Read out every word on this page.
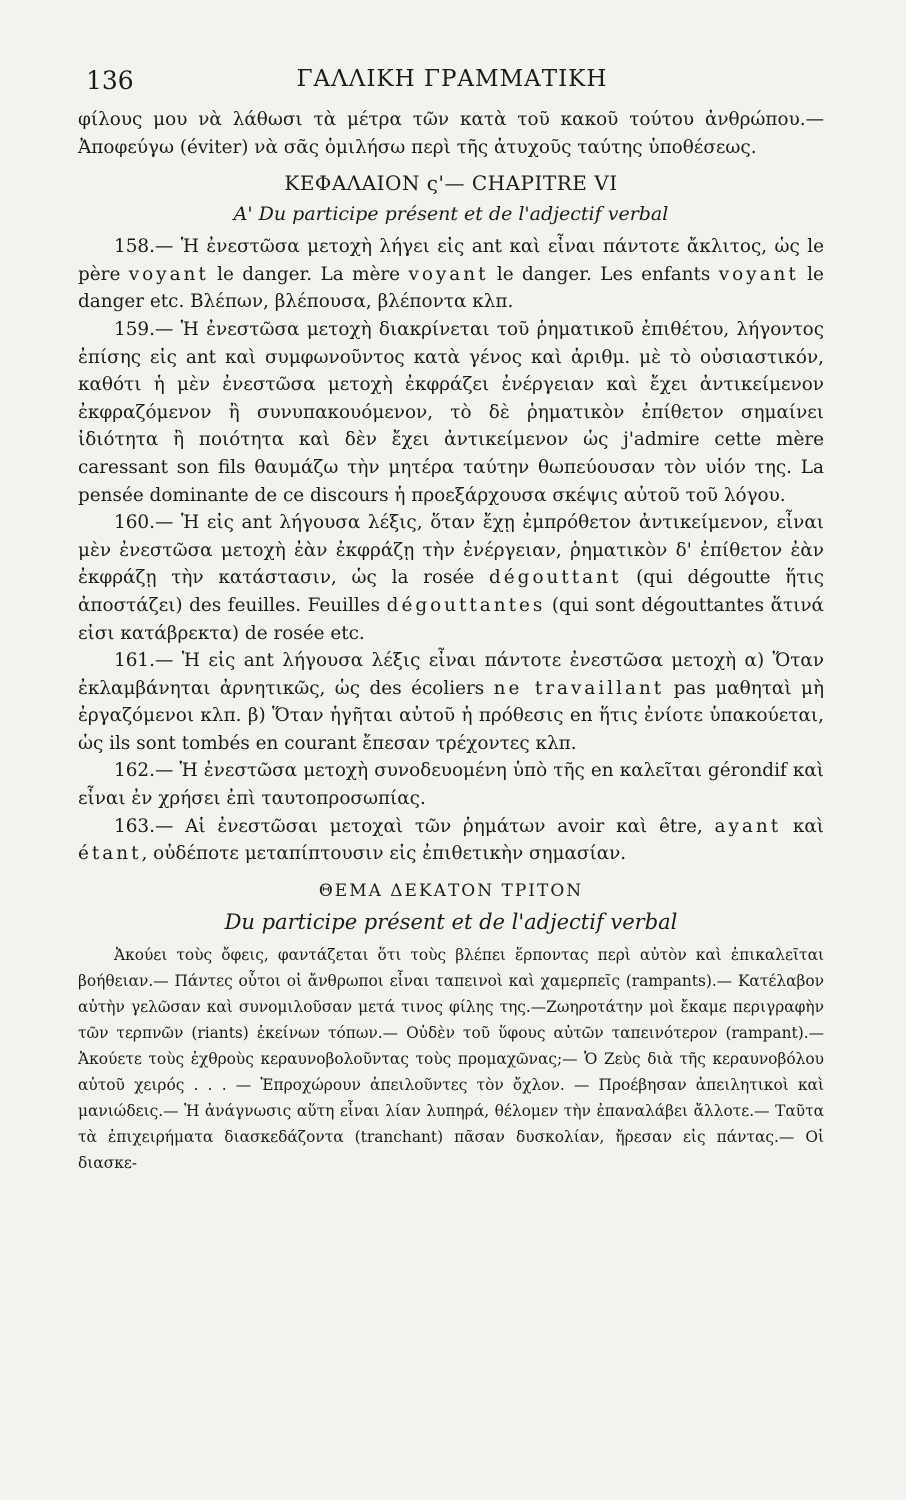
136	ΓΑΛΛΙΚΗ ΓΡΑΜΜΑΤΙΚΗ

φίλους μου νὰ λάθωσι τὰ μέτρα τῶν κατὰ τοῦ κακοῦ τούτου ἀνθρώπου.— Ἀποφεύγω (éviter) νὰ σᾶς ὁμιλήσω περὶ τῆς ἀτυχοῦς ταύτης ὑποθέσεως.

ΚΕΦΑΛΑΙΟΝ ς'— CHAPITRE VI
Α' Du participe présent et de l'adjectif verbal

158.— Ἡ ἐνεστῶσα μετοχὴ λήγει εἰς ant καὶ εἶναι πάντοτε ἄκλιτος, ὡς le père voyant le danger. La mère voyant le danger. Les enfants voyant le danger etc. Βλέπων, βλέπουσα, βλέποντα κλπ.

159.— Ἡ ἐνεστῶσα μετοχὴ διακρίνεται τοῦ ῥηματικοῦ ἐπιθέτου, λήγοντος ἐπίσης εἰς ant καὶ συμφωνοῦντος κατὰ γένος καὶ ἀριθμ. μὲ τὸ οὐσιαστικόν, καθότι ἡ μὲν ἐνεστῶσα μετοχὴ ἐκφράζει ἐνέργειαν καὶ ἔχει ἀντικείμενον ἐκφραζόμενον ἢ συνυπακουόμενον, τὸ δὲ ῥηματικὸν ἐπίθετον σημαίνει ἰδιότητα ἢ ποιότητα καὶ δὲν ἔχει ἀντικείμενον ὡς j'admire cette mère caressant son fils θαυμάζω τὴν μητέρα ταύτην θωπεύουσαν τὸν υἱόν της. La pensée dominante de ce discours ἡ προεξάρχουσα σκέψις αὐτοῦ τοῦ λόγου.

160.— Ἡ εἰς ant λήγουσα λέξις, ὅταν ἔχῃ ἐμπρόθετον ἀντικείμενον, εἶναι μὲν ἐνεστῶσα μετοχὴ ἐὰν ἐκφράζῃ τὴν ἐνέργειαν, ῥηματικὸν δ' ἐπίθετον ἐὰν ἐκφράζῃ τὴν κατάστασιν, ὡς la rosée dégouttant (qui dégoutte ἥτις ἀποστάζει) des feuilles. Feuilles dégouttantes (qui sont dégouttantes ἅτινά εἰσι κατάβρεκτα) de rosée etc.

161.— Ἡ εἰς ant λήγουσα λέξις εἶναι πάντοτε ἐνεστῶσα μετοχὴ α) Ὅταν ἐκλαμβάνηται ἀρνητικῶς, ὡς des écoliers ne travaillant pas μαθηταὶ μὴ ἐργαζόμενοι κλπ. β) Ὅταν ἡγῆται αὐτοῦ ἡ πρόθεσις en ἥτις ἐνίοτε ὑπακούεται, ὡς ils sont tombés en courant ἔπεσαν τρέχοντες κλπ.

162.— Ἡ ἐνεστῶσα μετοχὴ συνοδευομένη ὑπὸ τῆς en καλεῖται gérondif καὶ εἶναι ἐν χρήσει ἐπὶ ταυτοπροσωπίας.

163.— Αἱ ἐνεστῶσαι μετοχαὶ τῶν ῥημάτων avoir καὶ être, ayant καὶ étant, οὐδέποτε μεταπίπτουσιν εἰς ἐπιθετικὴν σημασίαν.

ΘΕΜΑ ΔΕΚΑΤΟΝ ΤΡΙΤΟΝ
Du participe présent et de l'adjectif verbal

Ἀκούει τοὺς ὄφεις, φαντάζεται ὅτι τοὺς βλέπει ἕρποντας περὶ αὐτὸν καὶ ἐπικαλεῖται βοήθειαν.— Πάντες οὗτοι οἱ ἄνθρωποι εἶναι ταπεινοὶ καὶ χαμερπεῖς (rampants).— Κατέλαβον αὐτὴν γελῶσαν καὶ συνομιλοῦσαν μετά τινος φίλης της.—Ζωηροτάτην μοὶ ἔκαμε περιγραφὴν τῶν τερπνῶν (riants) ἐκείνων τόπων.— Οὐδὲν τοῦ ὕφους αὐτῶν ταπεινότερον (rampant).— Ἀκούετε τοὺς ἐχθροὺς κεραυνοβολοῦντας τοὺς προμαχῶνας;— Ὁ Ζεὺς διὰ τῆς κεραυνοβόλου αὐτοῦ χειρός . . . — Ἐπροχώρουν ἀπειλοῦντες τὸν ὄχλον. — Προέβησαν ἀπειλητικοὶ καὶ μανιώδεις.— Ἡ ἀνάγνωσις αὕτη εἶναι λίαν λυπηρά, θέλομεν τὴν ἐπαναλάβει ἄλλοτε.— Ταῦτα τὰ ἐπιχειρήματα διασκεδάζοντα (tranchant) πᾶσαν δυσκολίαν, ἤρεσαν εἰς πάντας.— Οἱ διασκε-
